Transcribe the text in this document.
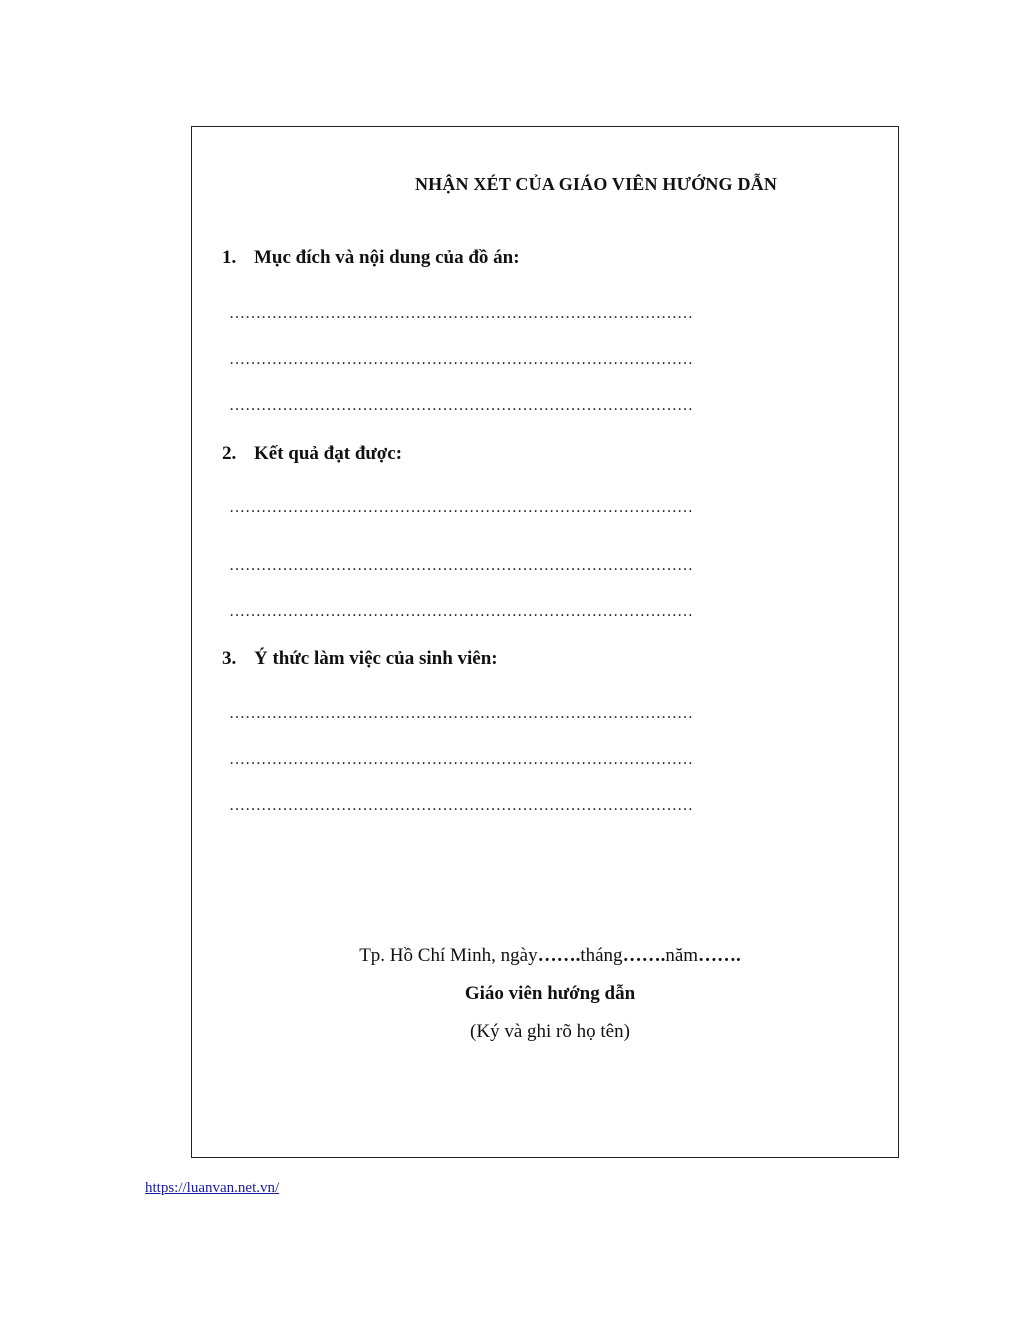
NHẬN XÉT CỦA GIÁO VIÊN HƯỚNG DẪN
1. Mục đích và nội dung của đồ án:
……………………………………………………………………………
……………………………………………………………………………
……………………………………………………………………………
2. Kết quả đạt được:
……………………………………………………………………………
……………………………………………………………………………
……………………………………………………………………………
3. Ý thức làm việc của sinh viên:
……………………………………………………………………………
……………………………………………………………………………
……………………………………………………………………………
Tp. Hồ Chí Minh, ngày…….tháng…….năm…….
Giáo viên hướng dẫn
(Ký và ghi rõ họ tên)
https://luanvan.net.vn/
